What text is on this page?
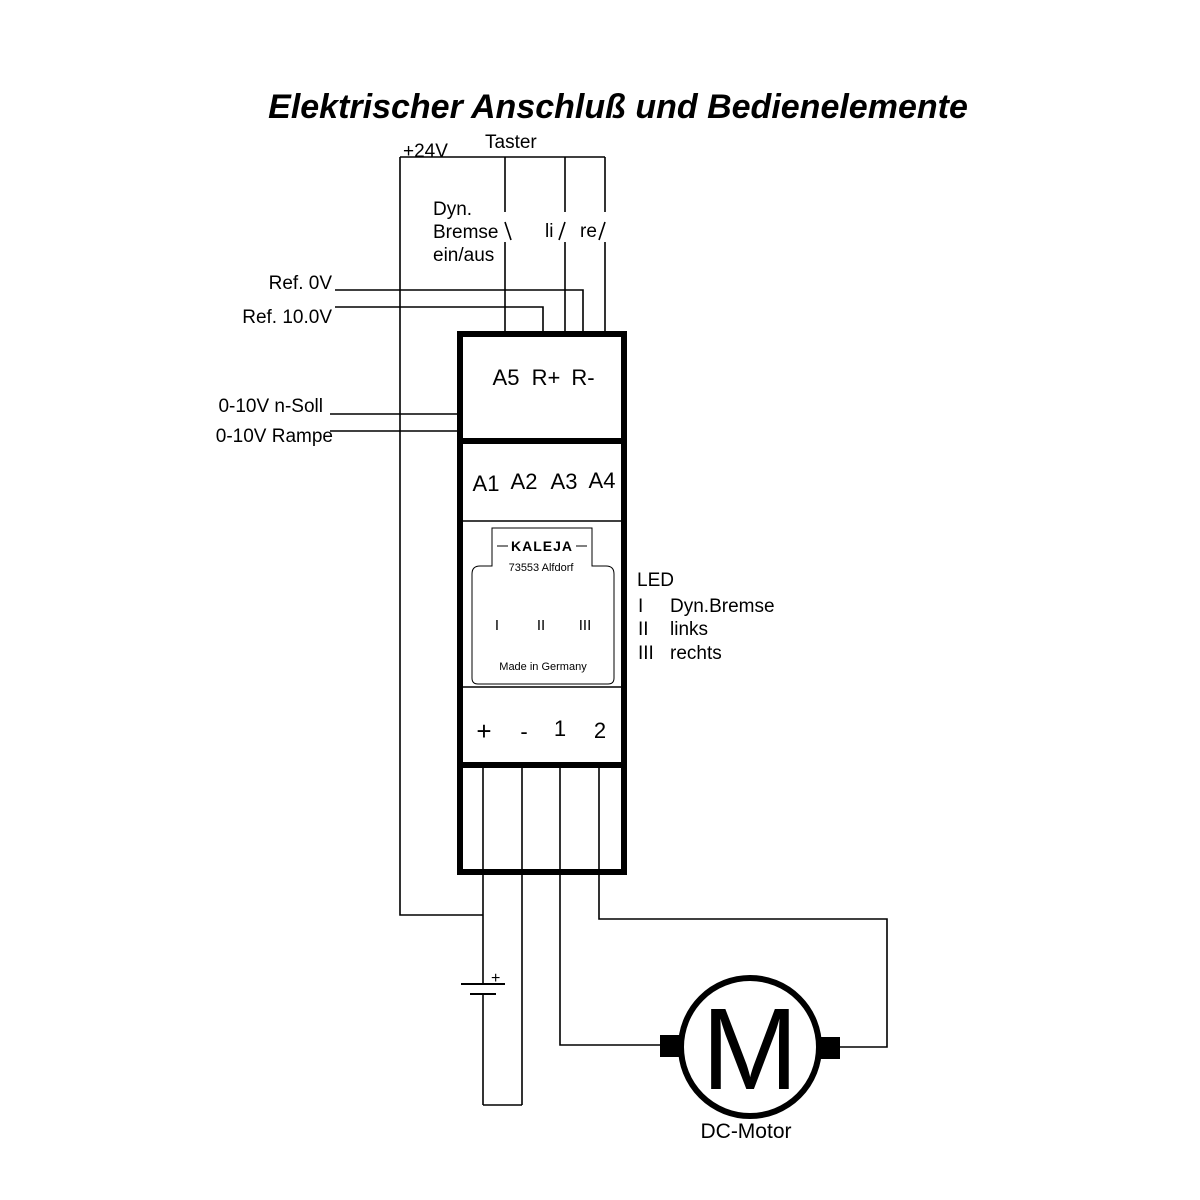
Elektrischer Anschluß und Bedienelemente
+24V Taster
Dyn.
Bremse
ein/aus
li re
Ref. 0V
Ref. 10.0V
0-10V n-Soll
0-10V Rampe
A5 R+ R-
A1 A2 A3 A4
KALEJA
73553 Alfdorf
I	II III
Made in Germany
+ - 1 2
LED
I Dyn.Bremse
II links
III rechts
+
M
DC-Motor
